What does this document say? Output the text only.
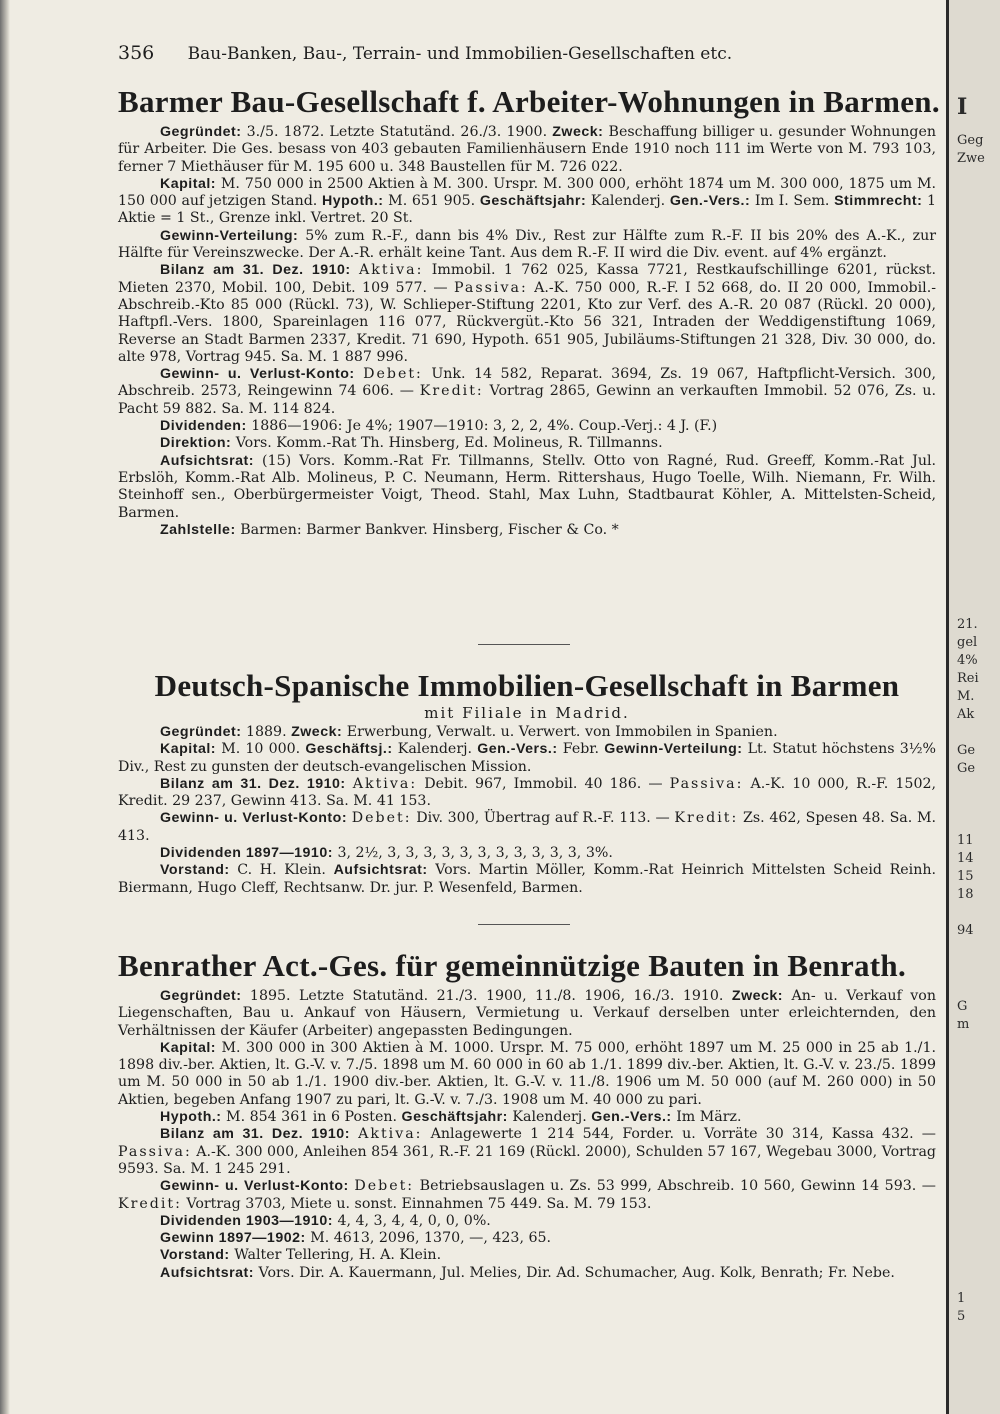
356 Bau-Banken, Bau-, Terrain- und Immobilien-Gesellschaften etc.
Barmer Bau-Gesellschaft f. Arbeiter-Wohnungen in Barmen.
Gegründet: 3./5. 1872. Letzte Statutänd. 26./3. 1900. Zweck: Beschaffung billiger u. gesunder Wohnungen für Arbeiter. Die Ges. besass von 403 gebauten Familienhäusern Ende 1910 noch 111 im Werte von M. 793 103, ferner 7 Miethäuser für M. 195 600 u. 348 Baustellen für M. 726 022.
Kapital: M. 750 000 in 2500 Aktien à M. 300. Urspr. M. 300 000, erhöht 1874 um M. 300 000, 1875 um M. 150 000 auf jetzigen Stand. Hypoth.: M. 651 905. Geschäftsjahr: Kalenderj. Gen.-Vers.: Im I. Sem. Stimmrecht: 1 Aktie = 1 St., Grenze inkl. Vertret. 20 St.
Gewinn-Verteilung: 5% zum R.-F., dann bis 4% Div., Rest zur Hälfte zum R.-F. II bis 20% des A.-K., zur Hälfte für Vereinszwecke. Der A.-R. erhält keine Tant. Aus dem R.-F. II wird die Div. event. auf 4% ergänzt.
Bilanz am 31. Dez. 1910: Aktiva: Immobil. 1 762 025, Kassa 7721, Restkaufschillinge 6201, rückst. Mieten 2370, Mobil. 100, Debit. 109 577. — Passiva: A.-K. 750 000, R.-F. I 52 668, do. II 20 000, Immobil.-Abschreib.-Kto 85 000 (Rückl. 73), W. Schlieper-Stiftung 2201, Kto zur Verf. des A.-R. 20 087 (Rückl. 20 000), Haftpfl.-Vers. 1800, Spareinlagen 116 077, Rückvergüt.-Kto 56 321, Intraden der Weddigenstiftung 1069, Reverse an Stadt Barmen 2337, Kredit. 71 690, Hypoth. 651 905, Jubiläums-Stiftungen 21 328, Div. 30 000, do. alte 978, Vortrag 945. Sa. M. 1 887 996.
Gewinn- u. Verlust-Konto: Debet: Unk. 14 582, Reparat. 3694, Zs. 19 067, Haftpflicht-Versich. 300, Abschreib. 2573, Reingewinn 74 606. — Kredit: Vortrag 2865, Gewinn an verkauften Immobil. 52 076, Zs. u. Pacht 59 882. Sa. M. 114 824.
Dividenden: 1886—1906: Je 4%; 1907—1910: 3, 2, 2, 4%. Coup.-Verj.: 4 J. (F.)
Direktion: Vors. Komm.-Rat Th. Hinsberg, Ed. Molineus, R. Tillmanns.
Aufsichtsrat: (15) Vors. Komm.-Rat Fr. Tillmanns, Stellv. Otto von Ragné, Rud. Greeff, Komm.-Rat Jul. Erbslöh, Komm.-Rat Alb. Molineus, P. C. Neumann, Herm. Rittershaus, Hugo Toelle, Wilh. Niemann, Fr. Wilh. Steinhoff sen., Oberbürgermeister Voigt, Theod. Stahl, Max Luhn, Stadtbaurat Köhler, A. Mittelsten-Scheid, Barmen.
Zahlstelle: Barmen: Barmer Bankver. Hinsberg, Fischer & Co. *
Deutsch-Spanische Immobilien-Gesellschaft in Barmen
mit Filiale in Madrid.
Gegründet: 1889. Zweck: Erwerbung, Verwalt. u. Verwert. von Immobilen in Spanien.
Kapital: M. 10 000. Geschäftsj.: Kalenderj. Gen.-Vers.: Febr. Gewinn-Verteilung: Lt. Statut höchstens 3½% Div., Rest zu gunsten der deutsch-evangelischen Mission.
Bilanz am 31. Dez. 1910: Aktiva: Debit. 967, Immobil. 40 186. — Passiva: A.-K. 10 000, R.-F. 1502, Kredit. 29 237, Gewinn 413. Sa. M. 41 153.
Gewinn- u. Verlust-Konto: Debet: Div. 300, Übertrag auf R.-F. 113. — Kredit: Zs. 462, Spesen 48. Sa. M. 413.
Dividenden 1897—1910: 3, 2½, 3, 3, 3, 3, 3, 3, 3, 3, 3, 3, 3, 3%.
Vorstand: C. H. Klein. Aufsichtsrat: Vors. Martin Möller, Komm.-Rat Heinrich Mittelsten Scheid Reinh. Biermann, Hugo Cleff, Rechtsanw. Dr. jur. P. Wesenfeld, Barmen.
Benrather Act.-Ges. für gemeinnützige Bauten in Benrath.
Gegründet: 1895. Letzte Statutänd. 21./3. 1900, 11./8. 1906, 16./3. 1910. Zweck: An- u. Verkauf von Liegenschaften, Bau u. Ankauf von Häusern, Vermietung u. Verkauf derselben unter erleichternden, den Verhältnissen der Käufer (Arbeiter) angepassten Bedingungen.
Kapital: M. 300 000 in 300 Aktien à M. 1000. Urspr. M. 75 000, erhöht 1897 um M. 25 000 in 25 ab 1./1. 1898 div.-ber. Aktien, lt. G.-V. v. 7./5. 1898 um M. 60 000 in 60 ab 1./1. 1899 div.-ber. Aktien, lt. G.-V. v. 23./5. 1899 um M. 50 000 in 50 ab 1./1. 1900 div.-ber. Aktien, lt. G.-V. v. 11./8. 1906 um M. 50 000 (auf M. 260 000) in 50 Aktien, begeben Anfang 1907 zu pari, lt. G.-V. v. 7./3. 1908 um M. 40 000 zu pari.
Hypoth.: M. 854 361 in 6 Posten. Geschäftsjahr: Kalenderj. Gen.-Vers.: Im März.
Bilanz am 31. Dez. 1910: Aktiva: Anlagewerte 1 214 544, Forder. u. Vorräte 30 314, Kassa 432. — Passiva: A.-K. 300 000, Anleihen 854 361, R.-F. 21 169 (Rückl. 2000), Schulden 57 167, Wegebau 3000, Vortrag 9593. Sa. M. 1 245 291.
Gewinn- u. Verlust-Konto: Debet: Betriebsauslagen u. Zs. 53 999, Abschreib. 10 560, Gewinn 14 593. — Kredit: Vortrag 3703, Miete u. sonst. Einnahmen 75 449. Sa. M. 79 153.
Dividenden 1903—1910: 4, 4, 3, 4, 4, 0, 0, 0%.
Gewinn 1897—1902: M. 4613, 2096, 1370, —, 423, 65.
Vorstand: Walter Tellering, H. A. Klein.
Aufsichtsrat: Vors. Dir. A. Kauermann, Jul. Melies, Dir. Ad. Schumacher, Aug. Kolk, Benrath; Fr. Nebe.
I
Geg
Zwe
21.
gel
4%
Rei
M.
Ak
Ge
Ge
11
14
15
18
94
G
m
1
5
